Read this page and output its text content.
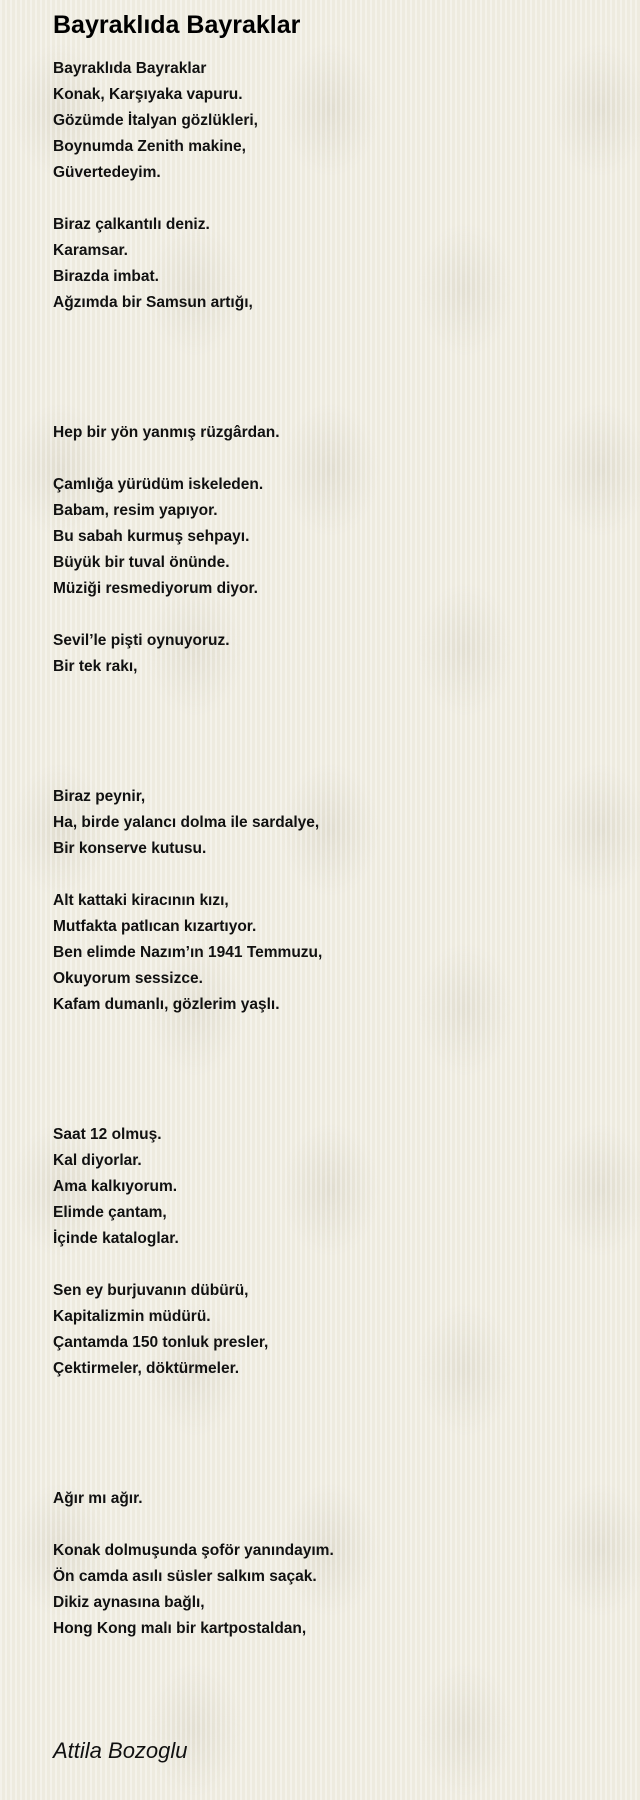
Bayraklıda Bayraklar
Bayraklıda Bayraklar
Konak, Karşıyaka vapuru.
Gözümde İtalyan gözlükleri,
Boynumda Zenith makine,
Güvertedeyim.
Biraz çalkantılı deniz.
Karamsar.
Birazda imbat.
Ağzımda bir Samsun artığı,
Hep bir yön yanmış rüzgârdan.
Çamlığa yürüdüm iskeleden.
Babam, resim yapıyor.
Bu sabah kurmuş sehpayı.
Büyük bir tuval önünde.
Müziği resmediyorum diyor.
Sevil’le pişti oynuyoruz.
Bir tek rakı,
Biraz peynir,
Ha, birde yalancı dolma ile sardalye,
Bir konserve kutusu.
Alt kattaki kiracının kızı,
Mutfakta patlıcan kızartıyor.
Ben elimde Nazım’ın 1941 Temmuzu,
Okuyorum sessizce.
Kafam dumanlı, gözlerim yaşlı.
Saat 12 olmuş.
Kal diyorlar.
Ama kalkıyorum.
Elimde çantam,
İçinde kataloglar.
Sen ey burjuvanın dübürü,
Kapitalizmin müdürü.
Çantamda 150 tonluk presler,
Çektirmeler, döktürmeler.
Ağır mı ağır.
Konak dolmuşunda şoför yanındayım.
Ön camda asılı süsler salkım saçak.
Dikiz aynasına bağlı,
Hong Kong malı bir kartpostaldan,
Attila Bozoglu
